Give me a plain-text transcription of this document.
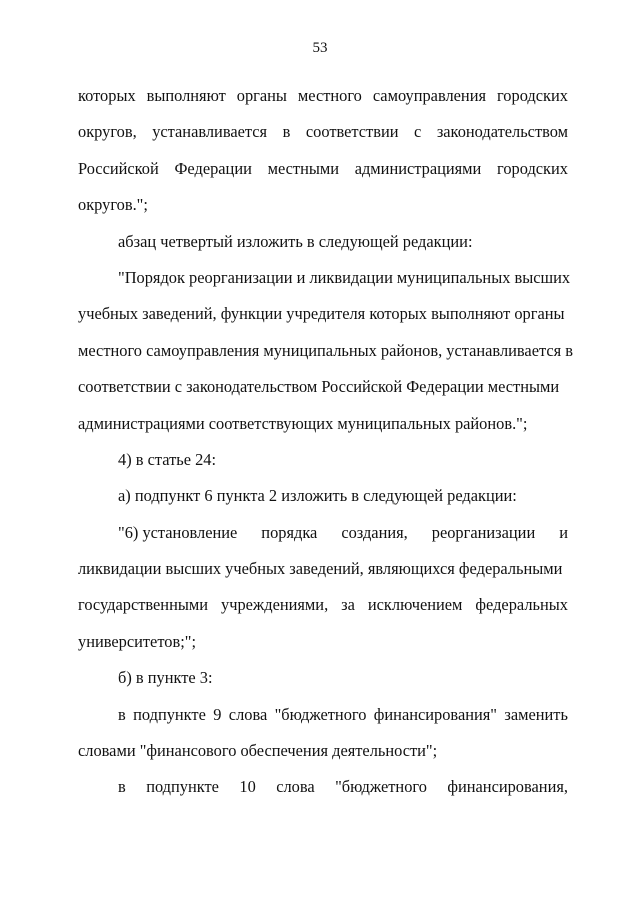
53
которых выполняют органы местного самоуправления городских
округов, устанавливается в соответствии с законодательством
Российской Федерации местными администрациями городских
округов.";
абзац четвертый изложить в следующей редакции:
"Порядок реорганизации и ликвидации муниципальных высших
учебных заведений, функции учредителя которых выполняют органы
местного самоуправления муниципальных районов, устанавливается в
соответствии с законодательством Российской Федерации местными
администрациями соответствующих муниципальных районов.";
4) в статье 24:
а) подпункт 6 пункта 2 изложить в следующей редакции:
"6) установление порядка создания, реорганизации и
ликвидации высших учебных заведений, являющихся федеральными
государственными учреждениями, за исключением федеральных
университетов;";
б) в пункте 3:
в подпункте 9 слова "бюджетного финансирования" заменить
словами "финансового обеспечения деятельности";
в подпункте 10 слова "бюджетного финансирования,
